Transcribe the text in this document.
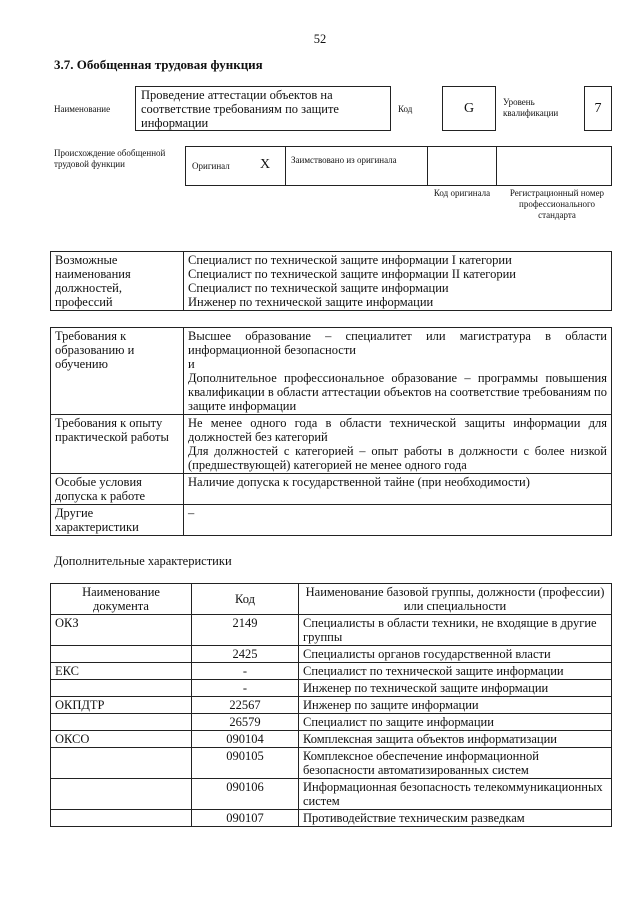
52
3.7. Обобщенная трудовая функция
Наименование
Проведение аттестации объектов на соответствие требованиям по защите информации
Код	G	Уровень квалификации	7
Происхождение обобщенной трудовой функции	Оригинал X Заимствовано из оригинала
Код оригинала	Регистрационный номер профессионального стандарта
Возможные наименования должностей, профессий	
Специалист по технической защите информации I категории
Специалист по технической защите информации II категории
Специалист по технической защите информации
Инженер по технической защите информации
Требования к образованию и обучению	Высшее образование – специалитет или магистратура в области информационной безопасности
и
Дополнительное профессиональное образование – программы повышения квалификации в области аттестации объектов на соответствие требованиям по защите информации

Требования к опыту практической работы	Не менее одного года в области технической защиты информации для должностей без категорий
Для должностей с категорией – опыт работы в должности с более низкой (предшествующей) категорией не менее одного года

Особые условия допуска к работе	Наличие допуска к государственной тайне (при необходимости)

Другие характеристики	–
Дополнительные характеристики
Наименование документа	Код	Наименование базовой группы, должности (профессии) или специальности
ОКЗ	2149	Специалисты в области техники, не входящие в другие группы
	2425	Специалисты органов государственной власти
ЕКС	-	Специалист по технической защите информации
	-	Инженер по технической защите информации
ОКПДТР	22567	Инженер по защите информации
	26579	Специалист по защите информации
ОКСО	090104	Комплексная защита объектов информатизации
	090105	Комплексное обеспечение информационной безопасности автоматизированных систем
	090106	Информационная безопасность телекоммуникационных систем
	090107	Противодействие техническим разведкам
